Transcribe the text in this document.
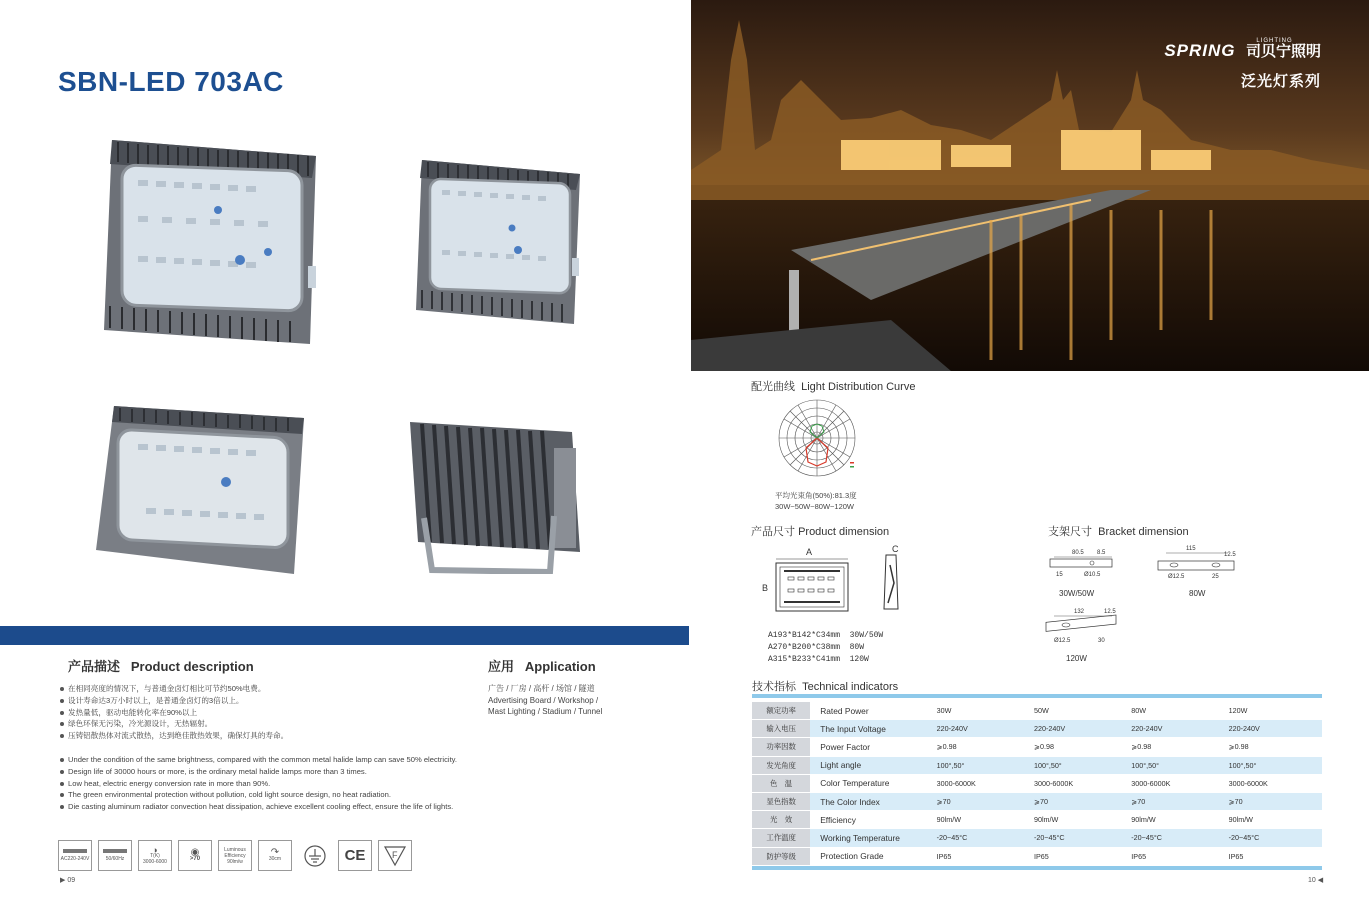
SBN-LED 703AC
产品描述 Product description
在相同亮度的情况下，与普通金卤灯相比可节约50%电费。
设计寿命达3万小时以上，是普通金卤灯的3倍以上。
发热量低，驱动电能转化率在90%以上
绿色环保无污染，冷光源设计，无热辐射。
压铸铝散热体对流式散热，达到绝佳散热效果，确保灯具的寿命。
Under the condition of the same brightness, compared with the common metal halide lamp can save 50% electricity.
Design life of 30000 hours or more, is the ordinary metal halide lamps more than 3 times.
Low heat, electric energy conversion rate in more than 90%.
The green environmental protection without pollution, cold light source design, no heat radiation.
Die casting aluminum radiator convection heat dissipation, achieve excellent cooling effect, ensure the life of lights.
应用 Application
广告 / 厂房 / 高杆 / 场馆 / 隧道
Advertising Board / Workshop /
Mast Lighting / Stadium / Tunnel
AC220-240V	50/60Hz
◑
T(K)
3000-6000
◉
>70
Luminous
Efficiency
90lm/w
↷
30cm	CE	F
▶ 09
LIGHTING
SPRING 司贝宁照明
泛光灯系列
配光曲线 Light Distribution Curve
平均光束角(50%):81.3度
30W~50W~80W~120W
产品尺寸 Product dimension
A
B
C
A193*B142*C34mm  30W/50W
A270*B200*C38mm  80W
A315*B233*C41mm  120W
支架尺寸 Bracket dimension
80.5 8.5
15	Ø10.5
30W/50W
115
12.5
Ø12.5	25
80W
132	12.5
Ø12.5	30
120W
技术指标 Technical indicators
额定功率	Rated Power	30W	50W	80W	120W
输入电压	The Input Voltage	220-240V	220-240V	220-240V	220-240V
功率因数	Power Factor	⩾0.98	⩾0.98	⩾0.98	⩾0.98
发光角度	Light angle	100°,50°	100°,50°	100°,50°	100°,50°
色　温	Color Temperature	3000-6000K	3000-6000K	3000-6000K	3000-6000K
显色指数	The Color Index	⩾70	⩾70	⩾70	⩾70
光　效	Efficiency	90lm/W	90lm/W	90lm/W	90lm/W
工作温度	Working Temperature	-20~45°C	-20~45°C	-20~45°C	-20~45°C
防护等级	Protection Grade	IP65	IP65	IP65	IP65
10 ◀
